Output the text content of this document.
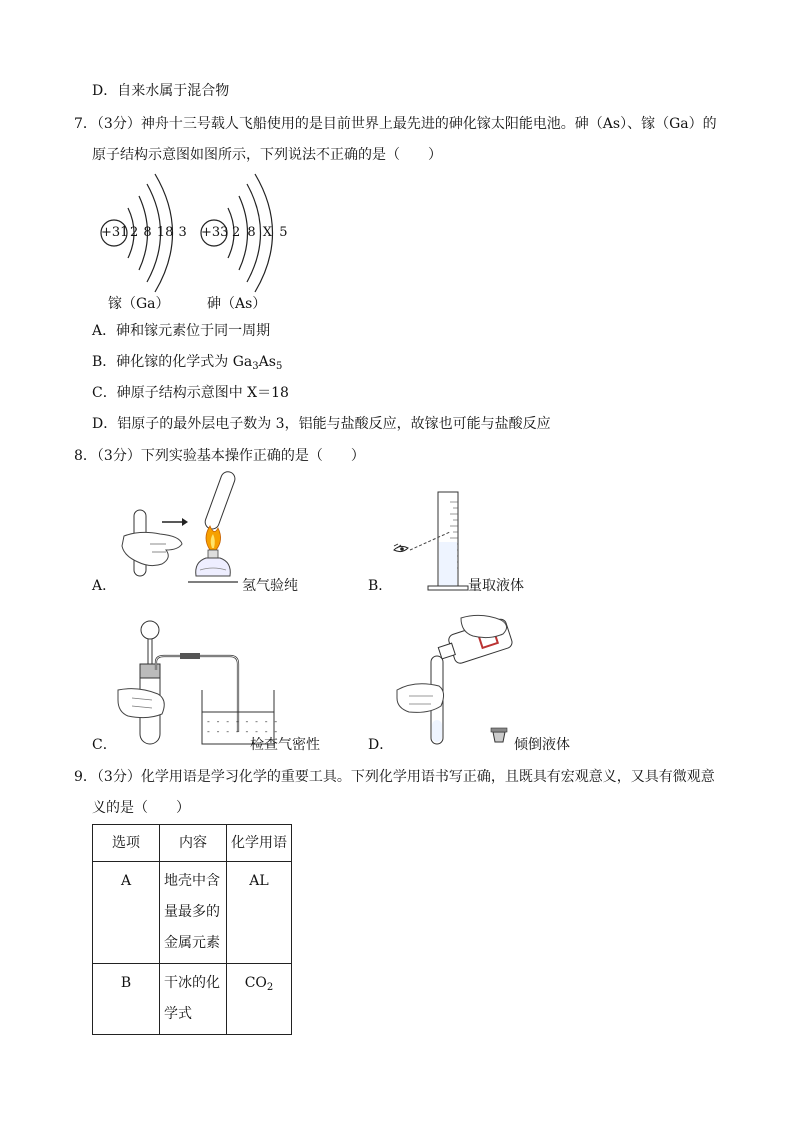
D．自来水属于混合物
7．（3分）神舟十三号载人飞船使用的是目前世界上最先进的砷化镓太阳能电池。砷（As）、镓（Ga）的
原子结构示意图如图所示，下列说法不正确的是（　　）
+31 2 8 18 3 +33 2 8 X 5
镓（Ga）	砷（As）
A．砷和镓元素位于同一周期
B．砷化镓的化学式为 $Ga_3As_5$
C．砷原子结构示意图中 X＝18
D．铝原子的最外层电子数为 3，铝能与盐酸反应，故镓也可能与盐酸反应
8．（3分）下列实验基本操作正确的是（　　）
A．	氢气验纯	B．	量取液体
- - - - - - - -
- - - - - - - -
C．	检查气密性	D．	倾倒液体
9．（3分）化学用语是学习化学的重要工具。下列化学用语书写正确，且既具有宏观意义，又具有微观意
义的是（　　）
选项	内容	化学用语
A	地壳中含量最多的金属元素	AL
B	干冰的化学式	$CO_2$
